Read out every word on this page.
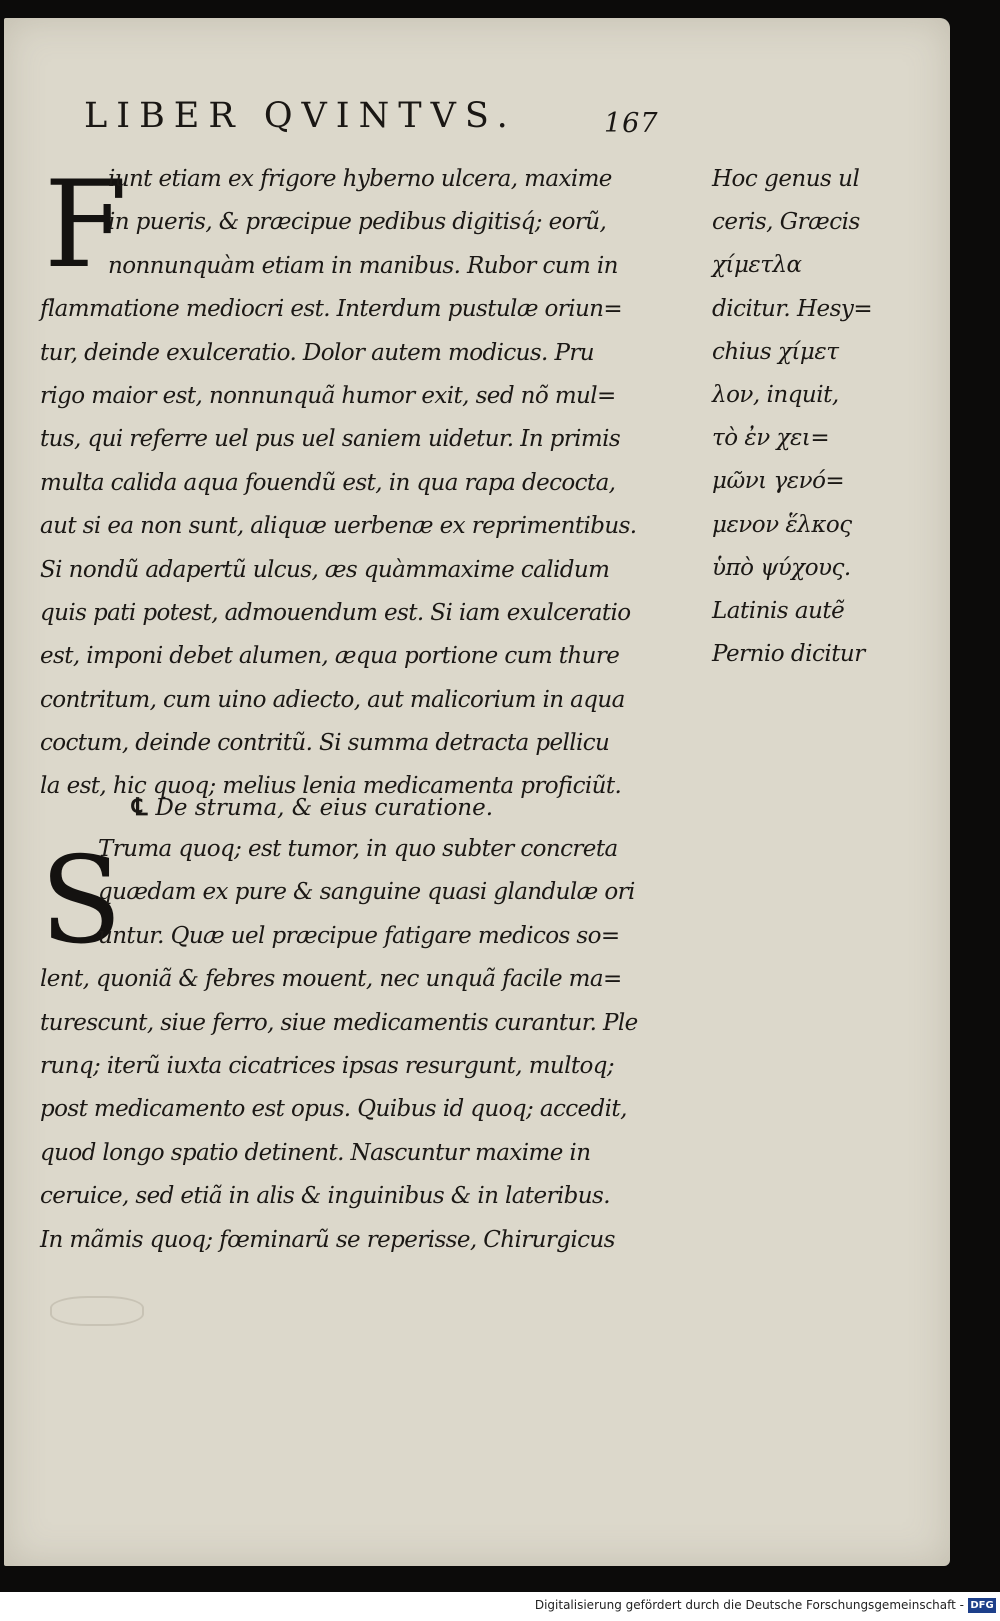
LIBER QVINTVS.	167
F
iunt etiam ex frigore hyberno ulcera, maxime
in pueris, & præcipue pedibus digitisq́; eorũ,
nonnunquàm etiam in manibus. Rubor cum in
flammatione mediocri est. Interdum pustulæ oriun=
tur, deinde exulceratio. Dolor autem modicus. Pru
rigo maior est, nonnunquã humor exit, sed nõ mul=
tus, qui referre uel pus uel saniem uidetur. In primis
multa calida aqua fouendũ est, in qua rapa decocta,
aut si ea non sunt, aliquæ uerbenæ ex reprimentibus.
Si nondũ adapertũ ulcus, æs quàmmaxime calidum
quis pati potest, admouendum est. Si iam exulceratio
est, imponi debet alumen, æqua portione cum thure
contritum, cum uino adiecto, aut malicorium in aqua
coctum, deinde contritũ. Si summa detracta pellicu
la est, hic quoq; melius lenia medicamenta proficiũt.
℄ De struma, & eius curatione.
S
Truma quoq; est tumor, in quo subter concreta
quædam ex pure & sanguine quasi glandulæ ori
untur. Quæ uel præcipue fatigare medicos so=
lent, quoniã & febres mouent, nec unquã facile ma=
turescunt, siue ferro, siue medicamentis curantur. Ple
runq; iterũ iuxta cicatrices ipsas resurgunt, multoq;
post medicamento est opus. Quibus id quoq; accedit,
quod longo spatio detinent. Nascuntur maxime in
ceruice, sed etiã in alis & inguinibus & in lateribus.
In mãmis quoq; fœminarũ se reperisse, Chirurgicus
Hoc genus ul
ceris, Græcis
χίμετλα
dicitur. Hesy=
chius χίμετ
λον, inquit,
τὸ ἐν χει=
μῶνι γενό=
μενον ἕλκος
ὑπὸ ψύχους.
Latinis autẽ
Pernio dicitur
Digitalisierung gefördert durch die Deutsche Forschungsgemeinschaft - DFG
